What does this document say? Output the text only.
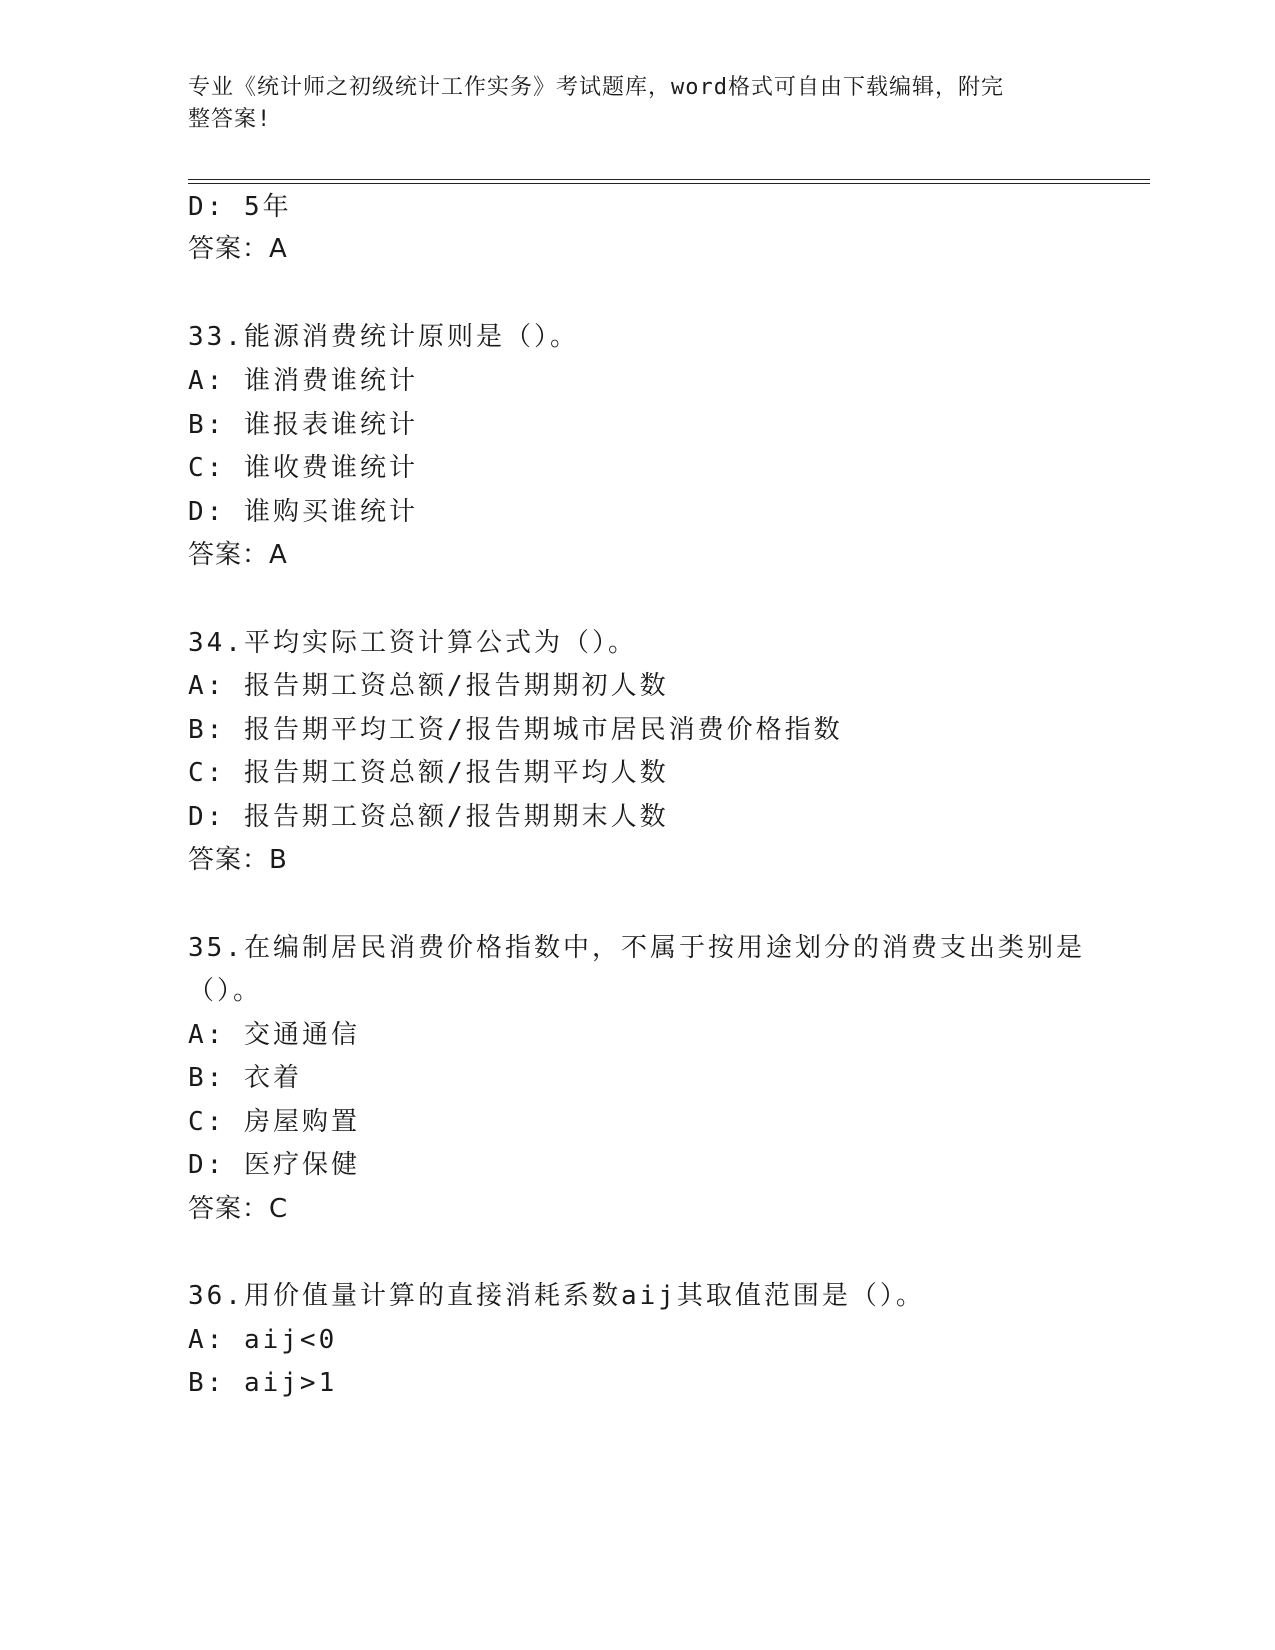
专业《统计师之初级统计工作实务》考试题库，word格式可自由下载编辑，附完
整答案!
D: 5年
答案：A
33.能源消费统计原则是（）。
A: 谁消费谁统计
B: 谁报表谁统计
C: 谁收费谁统计
D: 谁购买谁统计
答案：A
34.平均实际工资计算公式为（）。
A: 报告期工资总额/报告期期初人数
B: 报告期平均工资/报告期城市居民消费价格指数
C: 报告期工资总额/报告期平均人数
D: 报告期工资总额/报告期期末人数
答案：B
35.在编制居民消费价格指数中，不属于按用途划分的消费支出类别是
（）。
A: 交通通信
B: 衣着
C: 房屋购置
D: 医疗保健
答案：C
36.用价值量计算的直接消耗系数aij其取值范围是（）。
A: aij<0
B: aij>1
